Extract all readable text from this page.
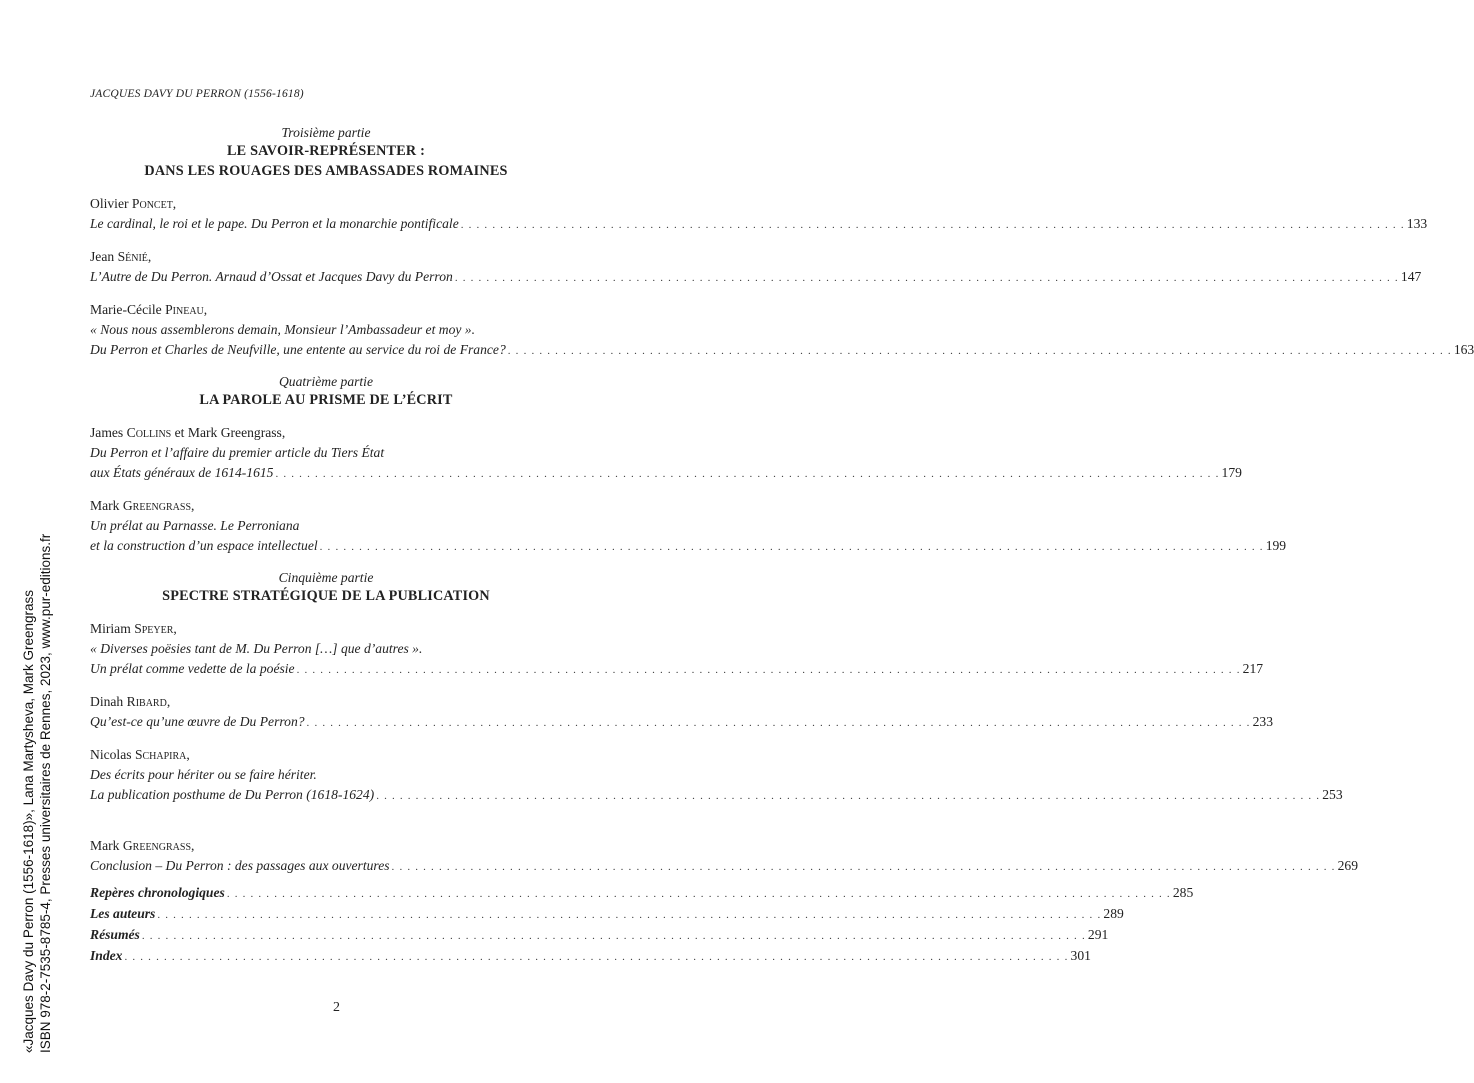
JACQUES DAVY DU PERRON (1556-1618)
Troisième partie
LE SAVOIR-REPRÉSENTER :
DANS LES ROUAGES DES AMBASSADES ROMAINES
Olivier Poncet,
Le cardinal, le roi et le pape. Du Perron et la monarchie pontificale . . . . . . . . . . . . . . . . . . . . . . . . . . . . . . . . . . . . . . . . . . . . . . . . . . . . . . . . . . . . . . . . . . . . . . . . . . . . . . . . . . . . . . . . . . . . . . . . . . . . . . . . . . . . . . . . . . . . . . . . 133
Jean Sénié,
L’Autre de Du Perron. Arnaud d’Ossat et Jacques Davy du Perron . . . . . . . . . . . . . . . . . . . . . . . . . . . . . . . . . . . . . . . . . . . . . . . . . . . . . . . . . . . . . . . . . . . . . . . . . . . . . . . . . . . . . . . . . . . . . . . . . . . . . . . . . . . . . . . . . . . . . . . . 147
Marie-Cécile Pineau,
« Nous nous assemblerons demain, Monsieur l’Ambassadeur et moy ».
Du Perron et Charles de Neufville, une entente au service du roi de France? . . . . . . . . . . . . . . . . . . . . . . . . . . . . . . . . . . . . . . . . . . . . . . . . . . . . . . . . . . . . . . . . . . . . . . . . . . . . . . . . . . . . . . . . . . . . . . . . . . . . . . . . . . . . . . . . . . . . . . . . 163
Quatrième partie
LA PAROLE AU PRISME DE L’ÉCRIT
James Collins et Mark Greengrass,
Du Perron et l’affaire du premier article du Tiers État
aux États généraux de 1614-1615 . . . . . . . . . . . . . . . . . . . . . . . . . . . . . . . . . . . . . . . . . . . . . . . . . . . . . . . . . . . . . . . . . . . . . . . . . . . . . . . . . . . . . . . . . . . . . . . . . . . . . . . . . . . . . . . . . . . . . . . . 179
Mark Greengrass,
Un prélat au Parnasse. Le Perroniana
et la construction d’un espace intellectuel . . . . . . . . . . . . . . . . . . . . . . . . . . . . . . . . . . . . . . . . . . . . . . . . . . . . . . . . . . . . . . . . . . . . . . . . . . . . . . . . . . . . . . . . . . . . . . . . . . . . . . . . . . . . . . . . . . . . . . . . 199
Cinquième partie
SPECTRE STRATÉGIQUE DE LA PUBLICATION
Miriam Speyer,
« Diverses poësies tant de M. Du Perron […] que d’autres ».
Un prélat comme vedette de la poésie . . . . . . . . . . . . . . . . . . . . . . . . . . . . . . . . . . . . . . . . . . . . . . . . . . . . . . . . . . . . . . . . . . . . . . . . . . . . . . . . . . . . . . . . . . . . . . . . . . . . . . . . . . . . . . . . . . . . . . . . 217
Dinah Ribard,
Qu’est-ce qu’une œuvre de Du Perron? . . . . . . . . . . . . . . . . . . . . . . . . . . . . . . . . . . . . . . . . . . . . . . . . . . . . . . . . . . . . . . . . . . . . . . . . . . . . . . . . . . . . . . . . . . . . . . . . . . . . . . . . . . . . . . . . . . . . . . . . 233
Nicolas Schapira,
Des écrits pour hériter ou se faire hériter.
La publication posthume de Du Perron (1618-1624) . . . . . . . . . . . . . . . . . . . . . . . . . . . . . . . . . . . . . . . . . . . . . . . . . . . . . . . . . . . . . . . . . . . . . . . . . . . . . . . . . . . . . . . . . . . . . . . . . . . . . . . . . . . . . . . . . . . . . . . . 253
Mark Greengrass,
Conclusion – Du Perron : des passages aux ouvertures . . . . . . . . . . . . . . . . . . . . . . . . . . . . . . . . . . . . . . . . . . . . . . . . . . . . . . . . . . . . . . . . . . . . . . . . . . . . . . . . . . . . . . . . . . . . . . . . . . . . . . . . . . . . . . . . . . . . . . . . 269
Repères chronologiques . . . . . . . . . . . . . . . . . . . . . . . . . . . . . . . . . . . . . . . . . . . . . . . . . . . . . . . . . . . . . . . . . . . . . . . . . . . . . . . . . . . . . . . . . . . . . . . . . . . . . . . . . . . . . . . . . . . . . . . . 285
Les auteurs . . . . . . . . . . . . . . . . . . . . . . . . . . . . . . . . . . . . . . . . . . . . . . . . . . . . . . . . . . . . . . . . . . . . . . . . . . . . . . . . . . . . . . . . . . . . . . . . . . . . . . . . . . . . . . . . . . . . . . . . 289
Résumés . . . . . . . . . . . . . . . . . . . . . . . . . . . . . . . . . . . . . . . . . . . . . . . . . . . . . . . . . . . . . . . . . . . . . . . . . . . . . . . . . . . . . . . . . . . . . . . . . . . . . . . . . . . . . . . . . . . . . . . . 291
Index . . . . . . . . . . . . . . . . . . . . . . . . . . . . . . . . . . . . . . . . . . . . . . . . . . . . . . . . . . . . . . . . . . . . . . . . . . . . . . . . . . . . . . . . . . . . . . . . . . . . . . . . . . . . . . . . . . . . . . . . 301
2
«Jacques Davy du Perron (1556-1618)», Lana Martysheva, Mark Greengrass ISBN 978-2-7535-8785-4, Presses universitaires de Rennes, 2023, www.pur-editions.fr
